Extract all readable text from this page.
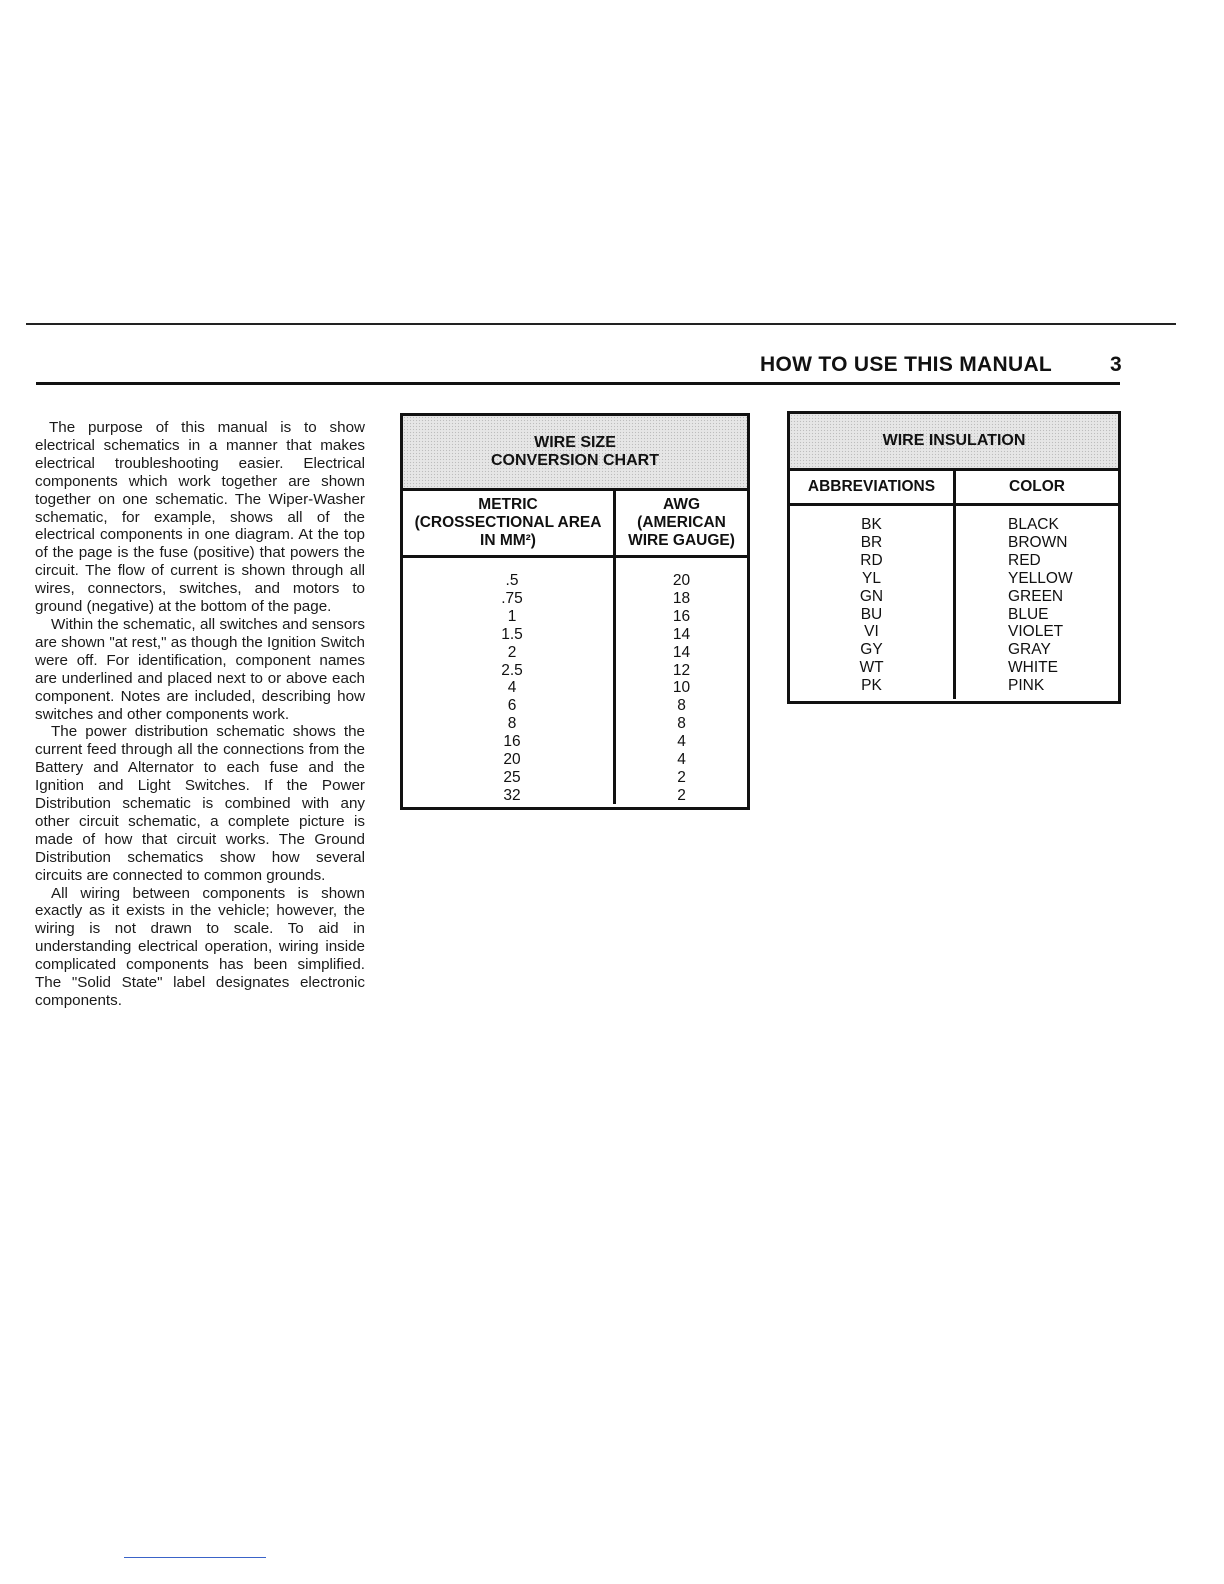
HOW TO USE THIS MANUAL	3

The purpose of this manual is to show electrical schematics in a manner that makes electrical troubleshooting easier. Electrical components which work together are shown together on one schematic. The Wiper-Washer schematic, for example, shows all of the electrical components in one diagram. At the top of the page is the fuse (positive) that powers the circuit. The flow of current is shown through all wires, connectors, switches, and motors to ground (negative) at the bottom of the page.

Within the schematic, all switches and sensors are shown "at rest," as though the Ignition Switch were off. For identification, component names are underlined and placed next to or above each component. Notes are included, describing how switches and other components work.

The power distribution schematic shows the current feed through all the connections from the Battery and Alternator to each fuse and the Ignition and Light Switches. If the Power Distribution schematic is combined with any other circuit schematic, a complete picture is made of how that circuit works. The Ground Distribution schematics show how several circuits are connected to common grounds.

All wiring between components is shown exactly as it exists in the vehicle; however, the wiring is not drawn to scale. To aid in understanding electrical operation, wiring inside complicated components has been simplified. The "Solid State" label designates electronic components.

WIRE SIZE
CONVERSION CHART
METRIC
(CROSSECTIONAL AREA
IN MM²)
AWG
(AMERICAN
WIRE GAUGE)
.5
.75
1
1.5
2
2.5
4
6
8
16
20
25
32
20
18
16
14
14
12
10
8
8
4
4
2
2
WIRE INSULATION
ABBREVIATIONS	COLOR
BK
BR
RD
YL
GN
BU
VI
GY
WT
PK
BLACK
BROWN
RED
YELLOW
GREEN
BLUE
VIOLET
GRAY
WHITE
PINK
